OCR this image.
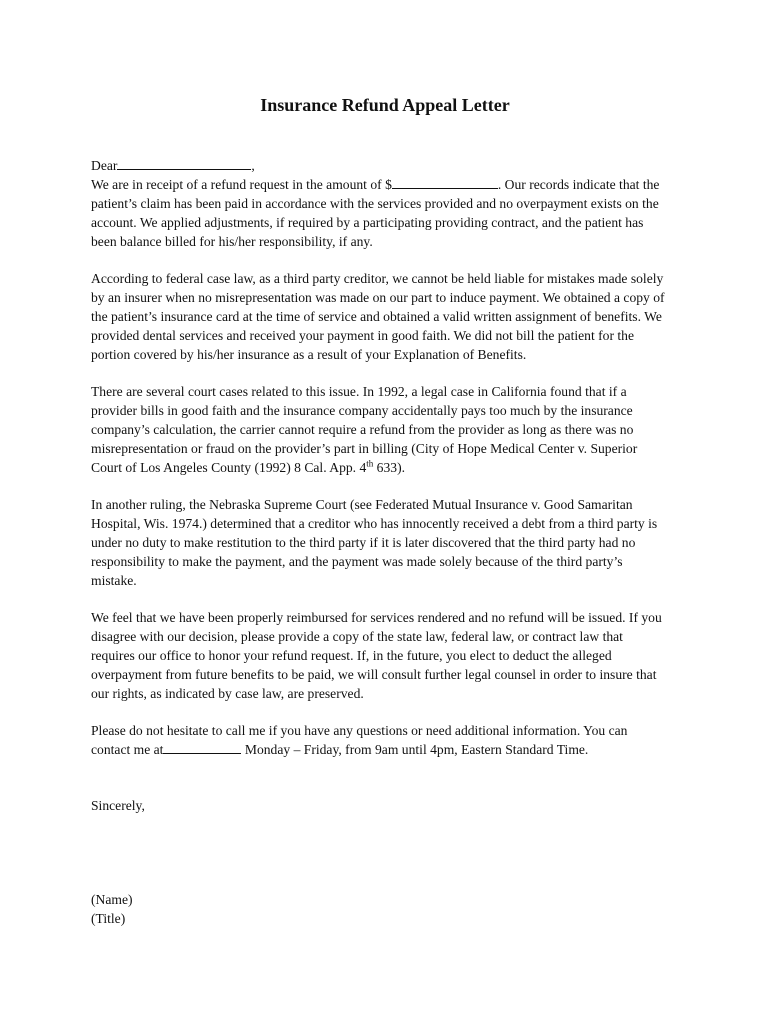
Insurance Refund Appeal Letter
Dear	,
We are in receipt of a refund request in the amount of $	. Our records indicate that the
patient’s claim has been paid in accordance with the services provided and no overpayment exists on the
account. We applied adjustments, if required by a participating providing contract, and the patient has
been balance billed for his/her responsibility, if any.
According to federal case law, as a third party creditor, we cannot be held liable for mistakes made solely
by an insurer when no misrepresentation was made on our part to induce payment. We obtained a copy of
the patient’s insurance card at the time of service and obtained a valid written assignment of benefits. We
provided dental services and received your payment in good faith. We did not bill the patient for the
portion covered by his/her insurance as a result of your Explanation of Benefits.
There are several court cases related to this issue. In 1992, a legal case in California found that if a
provider bills in good faith and the insurance company accidentally pays too much by the insurance
company’s calculation, the carrier cannot require a refund from the provider as long as there was no
misrepresentation or fraud on the provider’s part in billing (City of Hope Medical Center v. Superior
Court of Los Angeles County (1992) 8 Cal. App. 4th 633).
In another ruling, the Nebraska Supreme Court (see Federated Mutual Insurance v. Good Samaritan
Hospital, Wis. 1974.) determined that a creditor who has innocently received a debt from a third party is
under no duty to make restitution to the third party if it is later discovered that the third party had no
responsibility to make the payment, and the payment was made solely because of the third party’s
mistake.
We feel that we have been properly reimbursed for services rendered and no refund will be issued. If you
disagree with our decision, please provide a copy of the state law, federal law, or contract law that
requires our office to honor your refund request. If, in the future, you elect to deduct the alleged
overpayment from future benefits to be paid, we will consult further legal counsel in order to insure that
our rights, as indicated by case law, are preserved.
Please do not hesitate to call me if you have any questions or need additional information. You can
contact me at	Monday – Friday, from 9am until 4pm, Eastern Standard Time.
Sincerely,
(Name)
(Title)
